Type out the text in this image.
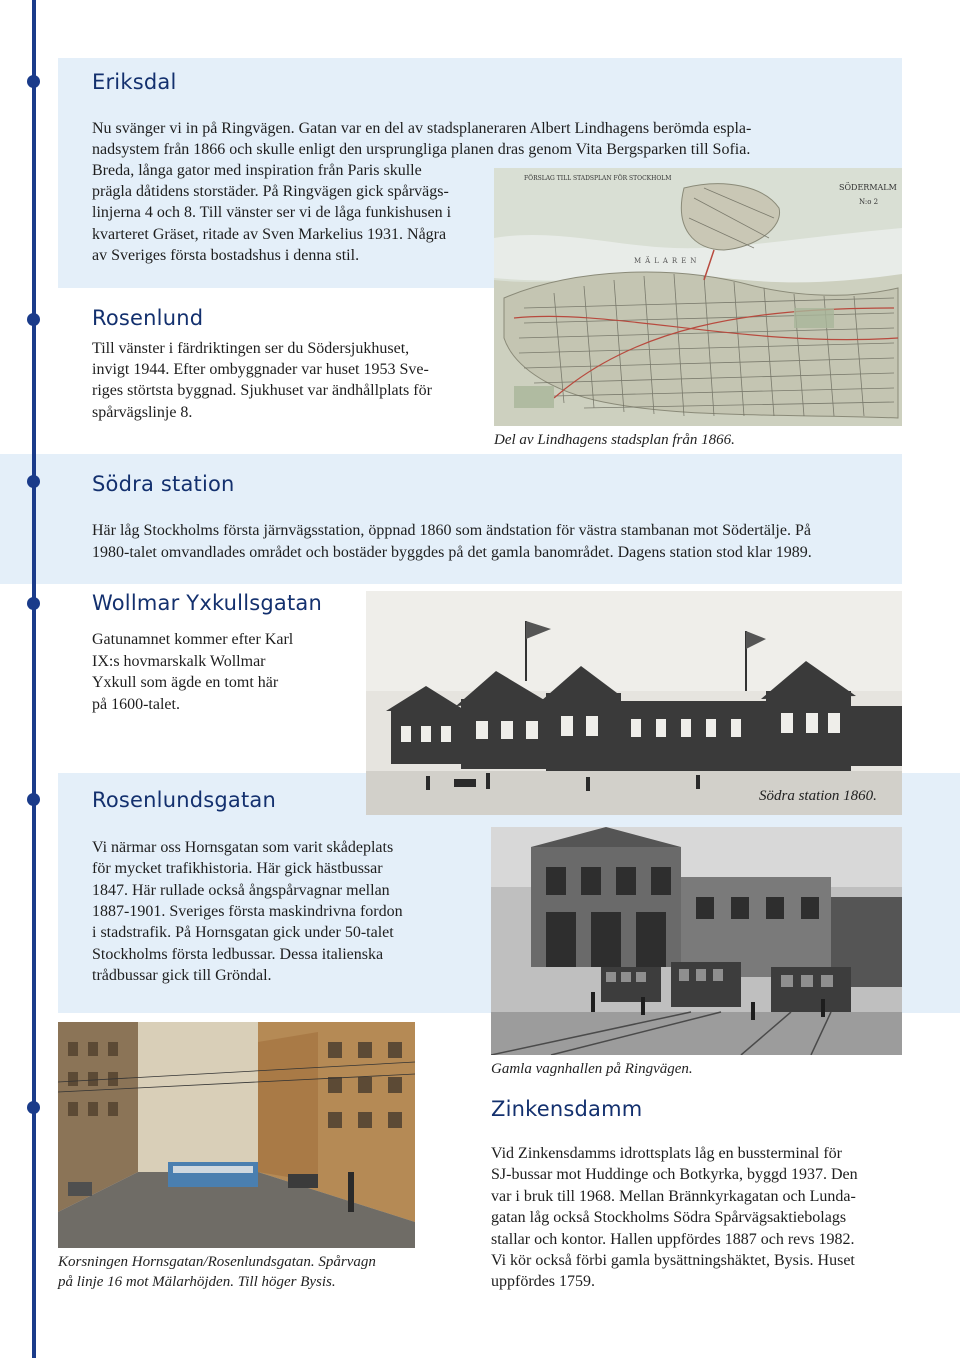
Eriksdal

Nu svänger vi in på Ringvägen. Gatan var en del av stadsplaneraren Albert Lindhagens berömda espla-

nadsystem från 1866 och skulle enligt den ursprungliga planen dras genom Vita Bergsparken till Sofia.

Breda, långa gator med inspiration från Paris skulle

prägla dåtidens storstäder. På Ringvägen gick spårvägs-

linjerna 4 och 8. Till vänster ser vi de låga funkishusen i

kvarteret Gräset, ritade av Sven Markelius 1931. Några

av Sveriges första bostadshus i denna stil.

FÖRSLAG TILL STADSPLAN FÖR STOCKHOLM
SÖDERMALM
N:o 2
MÄLAREN

Del av Lindhagens stadsplan från 1866.

Rosenlund

Till vänster i färdriktingen ser du Södersjukhuset,

invigt 1944. Efter ombyggnader var huset 1953 Sve-

riges störtsta byggnad. Sjukhuset var ändhållplats för

spårvägslinje 8.

Södra station

Här låg Stockholms första järnvägsstation, öppnad 1860 som ändstation för västra stambanan mot Södertälje. På

1980-talet omvandlades området och bostäder byggdes på det gamla banområdet. Dagens station stod klar 1989.

Wollmar Yxkullsgatan

Gatunamnet kommer efter Karl

IX:s hovmarskalk Wollmar

Yxkull som ägde en tomt här

på 1600-talet.

Södra station 1860.

Rosenlundsgatan

Vi närmar oss Hornsgatan som varit skådeplats

för mycket trafikhistoria. Här gick hästbussar

1847. Här rullade också ångspårvagnar mellan

1887-1901. Sveriges första maskindrivna fordon

i stadstrafik. På Hornsgatan gick under 50-talet

Stockholms första ledbussar. Dessa italienska

trådbussar gick till Gröndal.

Gamla vagnhallen på Ringvägen.

Korsningen Hornsgatan/Rosenlundsgatan. Spårvagn

på linje 16 mot Mälarhöjden. Till höger Bysis.

Zinkensdamm

Vid Zinkensdamms idrottsplats låg en bussterminal för

SJ-bussar mot Huddinge och Botkyrka, byggd 1937. Den

var i bruk till 1968. Mellan Brännkyrkagatan och Lunda-

gatan låg också Stockholms Södra Spårvägsaktiebolags

stallar och kontor. Hallen uppfördes 1887 och revs 1982.

Vi kör också förbi gamla bysättningshäktet, Bysis. Huset

uppfördes 1759.
